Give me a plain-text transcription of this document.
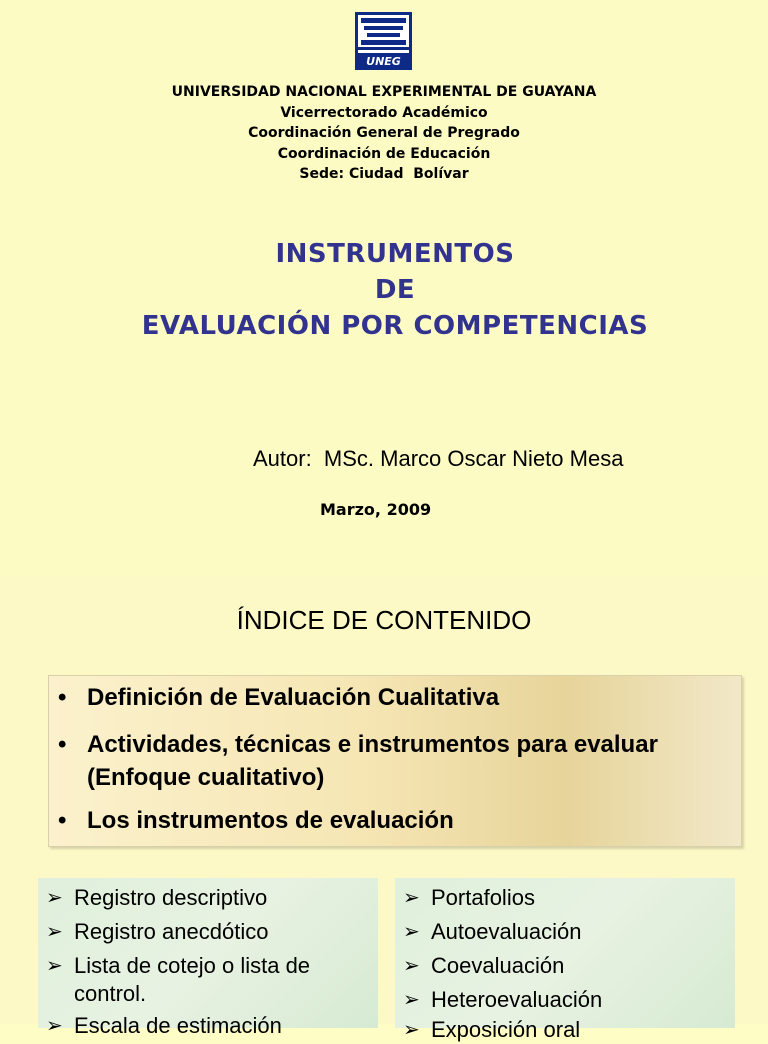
UNEG
UNIVERSIDAD NACIONAL EXPERIMENTAL DE GUAYANA
Vicerrectorado Académico
Coordinación General de Pregrado
Coordinación de Educación
Sede: Ciudad  Bolívar
INSTRUMENTOS
DE
EVALUACIÓN POR COMPETENCIAS
Autor:  MSc. Marco Oscar Nieto Mesa
Marzo, 2009
ÍNDICE DE CONTENIDO
• Definición de Evaluación Cualitativa
• Actividades, técnicas e instrumentos para evaluar (Enfoque cualitativo)
• Los instrumentos de evaluación
➢ Registro descriptivo
➢ Registro anecdótico
➢ Lista de cotejo o lista de control.
➢ Escala de estimación
➢ Portafolios
➢ Autoevaluación
➢ Coevaluación
➢ Heteroevaluación
➢ Exposición oral
